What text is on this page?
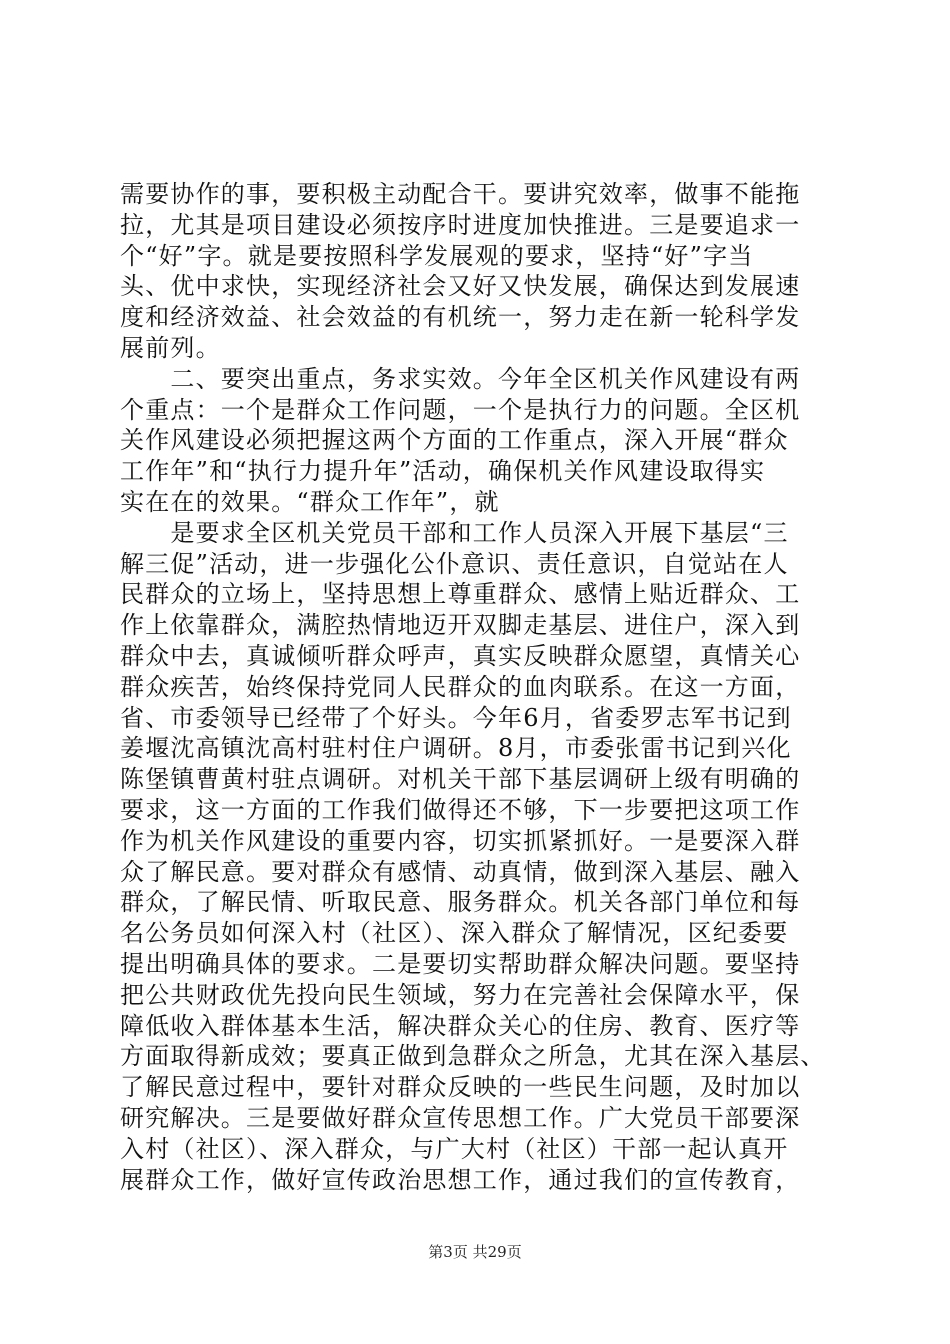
需要协作的事，要积极主动配合干。要讲究效率，做事不能拖
拉，尤其是项目建设必须按序时进度加快推进。三是要追求一
个“好”字。就是要按照科学发展观的要求，坚持“好”字当
头、优中求快，实现经济社会又好又快发展，确保达到发展速
度和经济效益、社会效益的有机统一，努力走在新一轮科学发
展前列。
　　二、要突出重点，务求实效。今年全区机关作风建设有两
个重点：一个是群众工作问题，一个是执行力的问题。全区机
关作风建设必须把握这两个方面的工作重点，深入开展“群众
工作年”和“执行力提升年”活动，确保机关作风建设取得实
实在在的效果。“群众工作年”，就
　　是要求全区机关党员干部和工作人员深入开展下基层“三
解三促”活动，进一步强化公仆意识、责任意识，自觉站在人
民群众的立场上，坚持思想上尊重群众、感情上贴近群众、工
作上依靠群众，满腔热情地迈开双脚走基层、进住户，深入到
群众中去，真诚倾听群众呼声，真实反映群众愿望，真情关心
群众疾苦，始终保持党同人民群众的血肉联系。在这一方面，
省、市委领导已经带了个好头。今年6月，省委罗志军书记到
姜堰沈高镇沈高村驻村住户调研。8月，市委张雷书记到兴化
陈堡镇曹黄村驻点调研。对机关干部下基层调研上级有明确的
要求，这一方面的工作我们做得还不够，下一步要把这项工作
作为机关作风建设的重要内容，切实抓紧抓好。一是要深入群
众了解民意。要对群众有感情、动真情，做到深入基层、融入
群众，了解民情、听取民意、服务群众。机关各部门单位和每
名公务员如何深入村（社区）、深入群众了解情况，区纪委要
提出明确具体的要求。二是要切实帮助群众解决问题。要坚持
把公共财政优先投向民生领域，努力在完善社会保障水平，保
障低收入群体基本生活，解决群众关心的住房、教育、医疗等
方面取得新成效；要真正做到急群众之所急，尤其在深入基层、
了解民意过程中，要针对群众反映的一些民生问题，及时加以
研究解决。三是要做好群众宣传思想工作。广大党员干部要深
入村（社区）、深入群众，与广大村（社区）干部一起认真开
展群众工作，做好宣传政治思想工作，通过我们的宣传教育，
第3页 共29页
